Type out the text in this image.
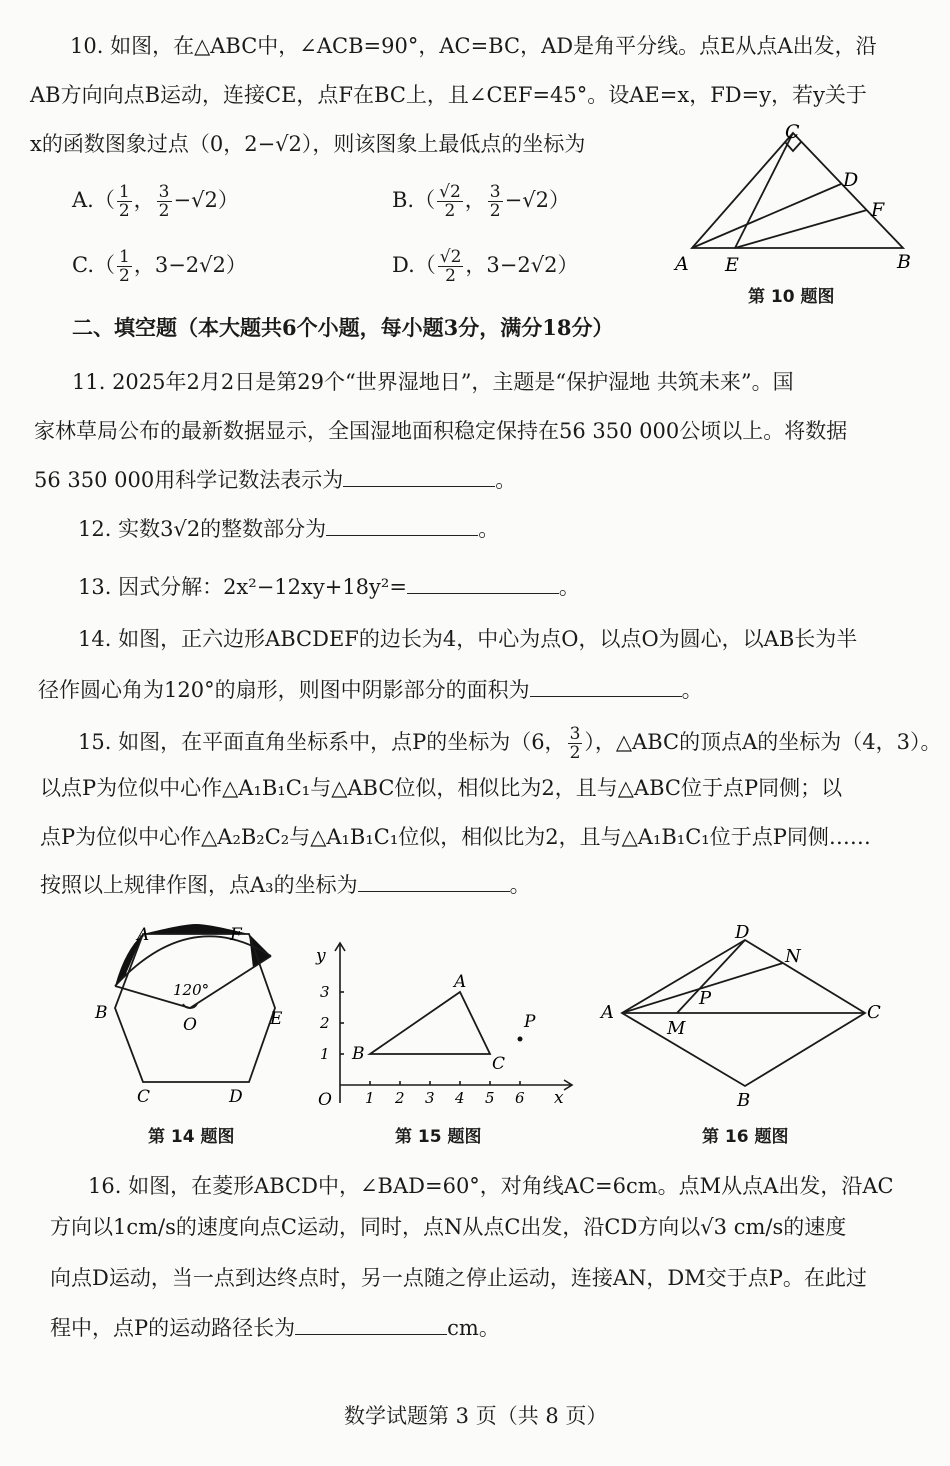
10. 如图，在△ABC中，∠ACB=90°，AC=BC，AD是角平分线。点E从点A出发，沿
AB方向向点B运动，连接CE，点F在BC上，且∠CEF=45°。设AE=x，FD=y，若y关于
x的函数图象过点（0，2−√2），则该图象上最低点的坐标为
$A.( \frac{1}{2}$ ， $\frac{3}{2} -√2$）	$B.( \frac{√2}{2}$ ， $\frac{3}{2} -√2$）
$C.( \frac{1}{2}$ ，3−2√2）	$D.( \frac{√2}{2}$ ，3−2√2）
C
D
F
A E	B
第 10 题图
二、填空题（本大题共6个小题，每小题3分，满分18分）
11. 2025年2月2日是第29个“世界湿地日”，主题是“保护湿地 共筑未来”。国
家林草局公布的最新数据显示，全国湿地面积稳定保持在56 350 000公顷以上。将数据
56 350 000用科学记数法表示为	。
12. 实数3√2的整数部分为	。
13. 因式分解：2x²−12xy+18y²=	。
14. 如图，正六边形ABCDEF的边长为4，中心为点O，以点O为圆心，以AB长为半
径作圆心角为120°的扇形，则图中阴影部分的面积为	。
15. 如图，在平面直角坐标系中，点P的坐标为（6， $\frac{3}{2}$ ），△ABC的顶点A的坐标为（4，3）。
以点P为位似中心作△A₁B₁C₁与△ABC位似，相似比为2，且与△ABC位于点P同侧；以
点P为位似中心作△A₂B₂C₂与△A₁B₁C₁位似，相似比为2，且与△A₁B₁C₁位于点P同侧……
按照以上规律作图，点A₃的坐标为	。
A	F
B	E
C	D
O
120°
第 14 题图
y
x
O 1 2 3 4 5 6
1
2
3	A
B	C
P
第 15 题图
D
N
P
A
M
C
B
第 16 题图
16. 如图，在菱形ABCD中，∠BAD=60°，对角线AC=6cm。点M从点A出发，沿AC
方向以1cm/s的速度向点C运动，同时，点N从点C出发，沿CD方向以√3 cm/s的速度
向点D运动，当一点到达终点时，另一点随之停止运动，连接AN，DM交于点P。在此过
程中，点P的运动路径长为	cm。
数学试题第 3 页（共 8 页）
